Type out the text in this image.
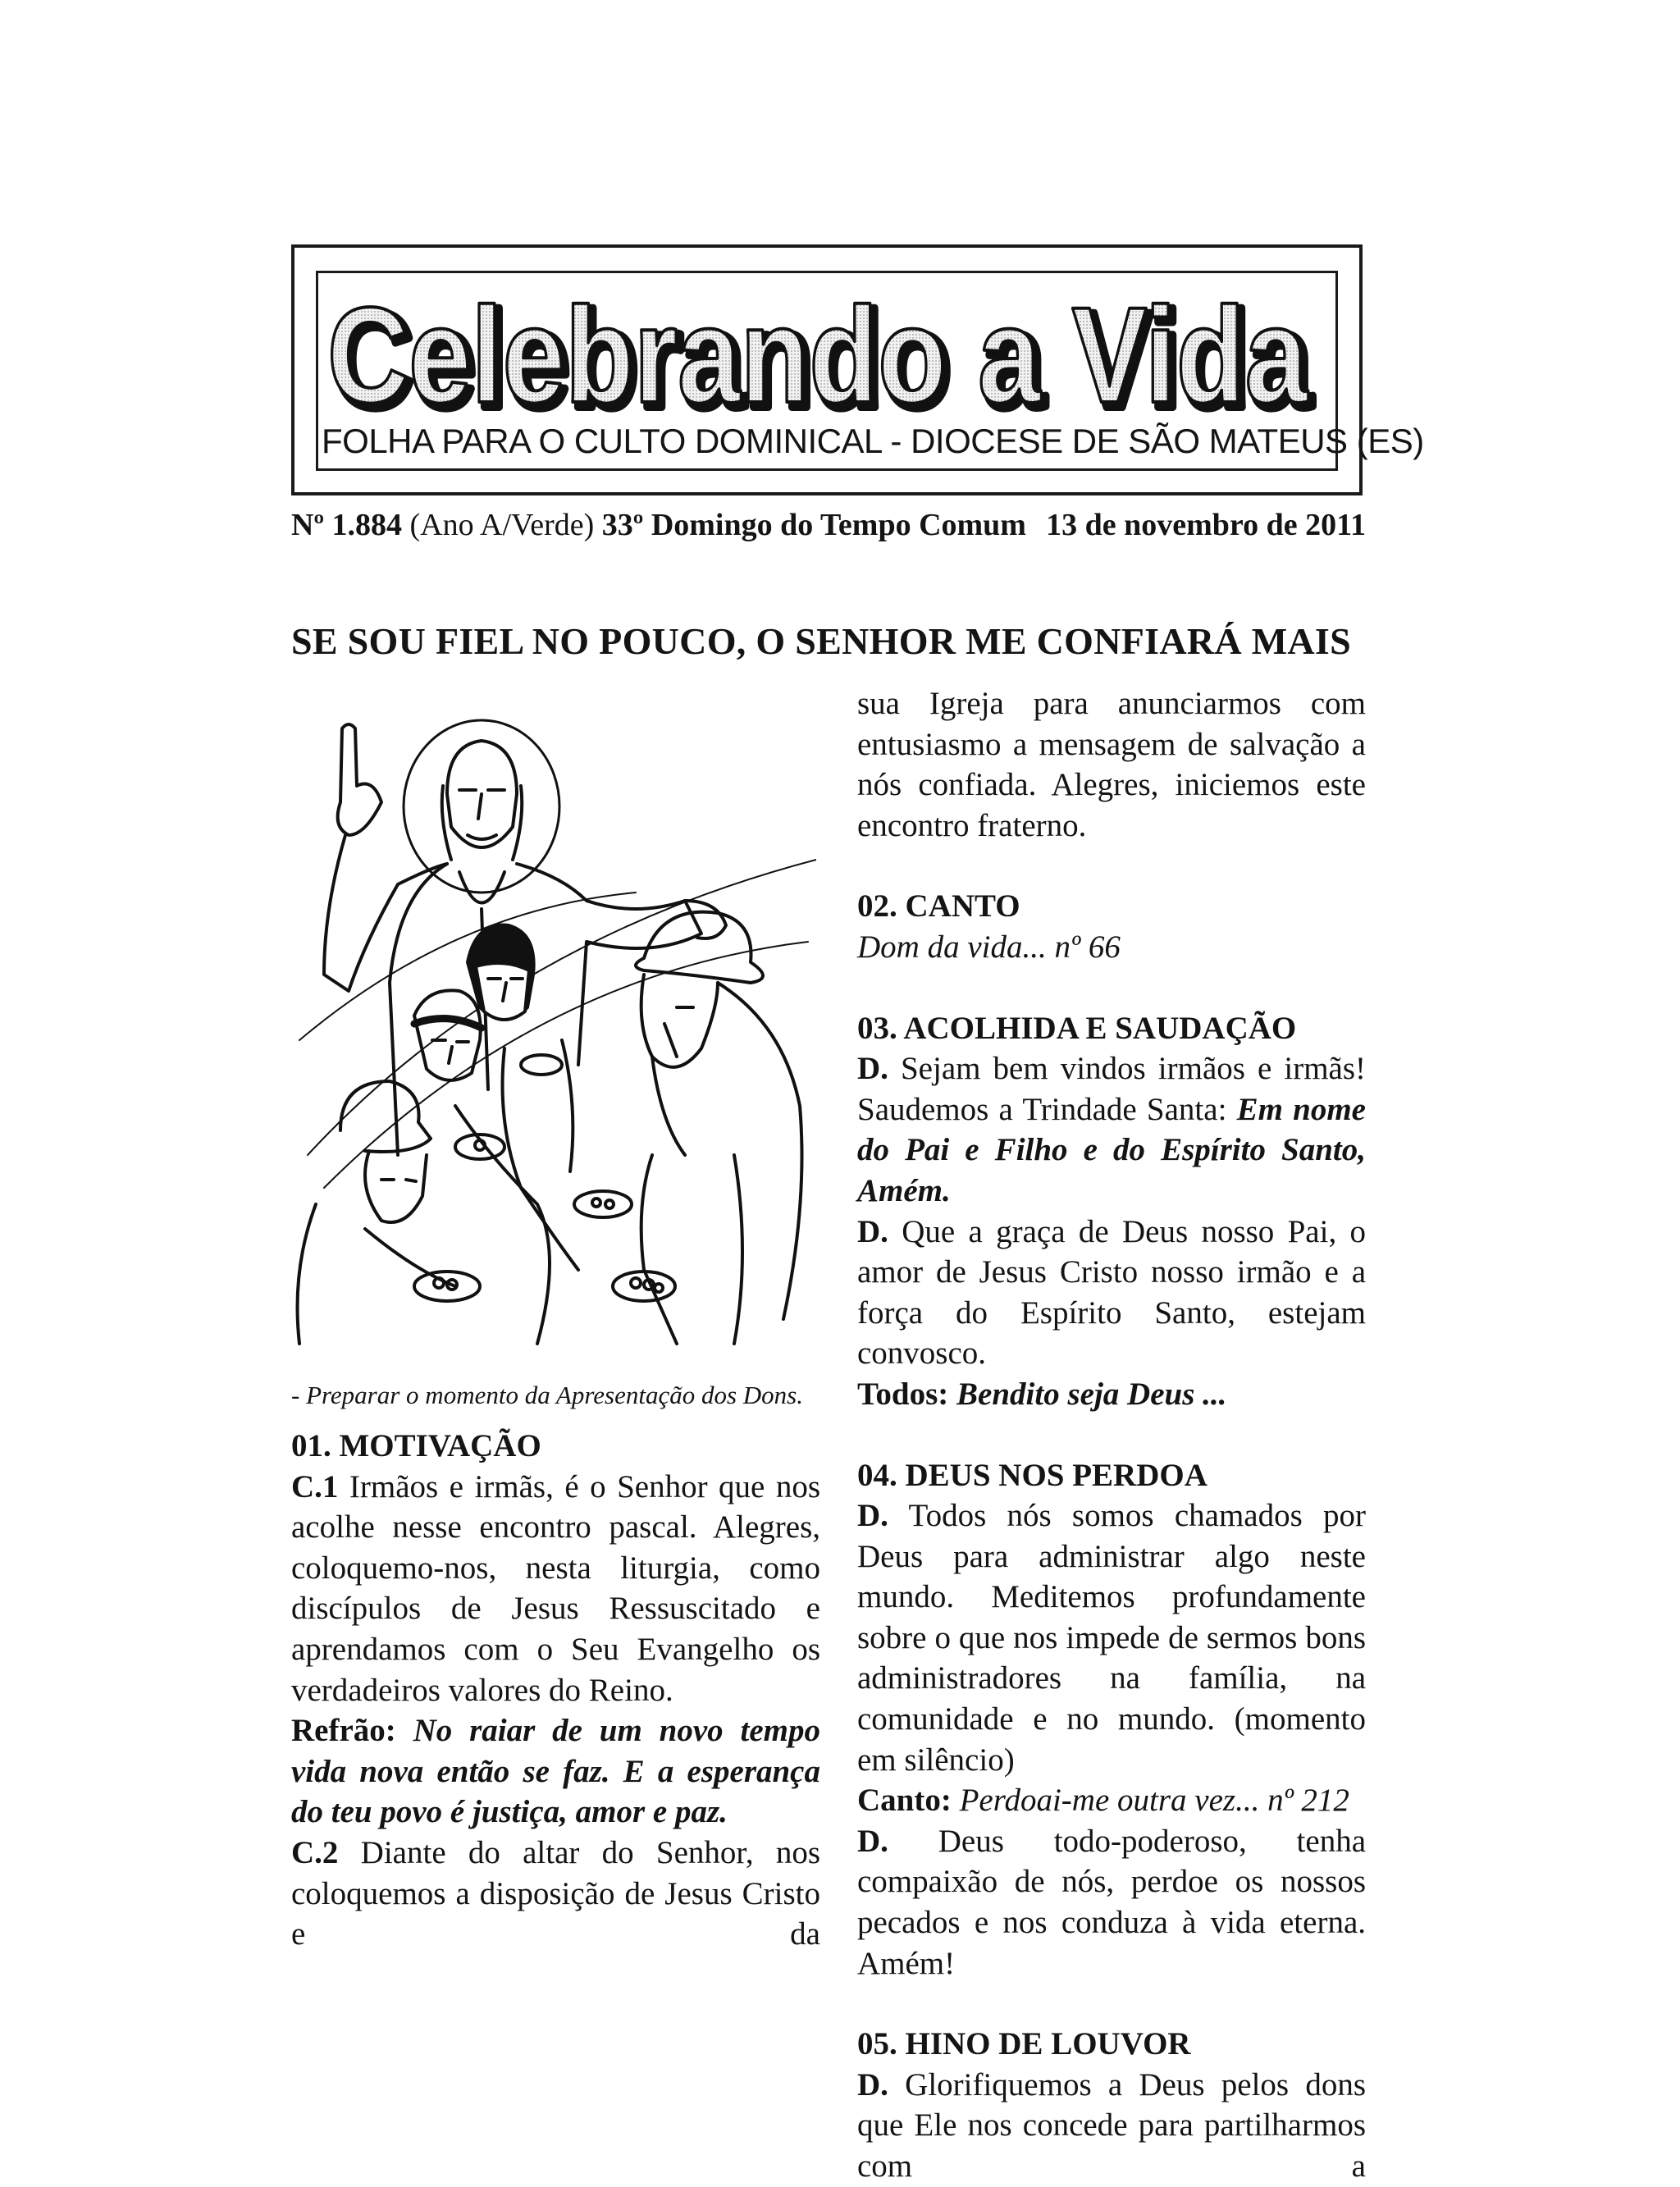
Celebrando a Vida
Celebrando a Vida
FOLHA PARA O CULTO DOMINICAL - DIOCESE DE SÃO MATEUS (ES)
Nº 1.884 (Ano A/Verde) 33º Domingo do Tempo Comum 13 de novembro de 2011
SE SOU FIEL NO POUCO, O SENHOR ME CONFIARÁ MAIS
- Preparar o momento da Apresentação dos Dons.

01. MOTIVAÇÃO

C.1 Irmãos e irmãs, é o Senhor que nos acolhe nesse encontro pascal. Alegres, coloquemo-nos, nesta liturgia, como discípulos de Jesus Ressuscitado e aprendamos com o Seu Evangelho os verdadeiros valores do Reino.

Refrão: No raiar de um novo tempo vida nova então se faz. E a esperança do teu povo é justiça, amor e paz.

C.2 Diante do altar do Senhor, nos coloquemos a disposição de Jesus Cristo e da

sua Igreja para anunciarmos com entusiasmo a mensagem de salvação a nós confiada. Alegres, iniciemos este encontro fraterno.

02. CANTO

Dom da vida... nº 66

03. ACOLHIDA E SAUDAÇÃO

D. Sejam bem vindos irmãos e irmãs! Saudemos a Trindade Santa: Em nome do Pai e Filho e do Espírito Santo, Amém.

D. Que a graça de Deus nosso Pai, o amor de Jesus Cristo nosso irmão e a força do Espírito Santo, estejam convosco.

Todos: Bendito seja Deus ...

04. DEUS NOS PERDOA

D. Todos nós somos chamados por Deus para administrar algo neste mundo. Meditemos profundamente sobre o que nos impede de sermos bons administradores na família, na comunidade e no mundo. (momento em silêncio)

Canto: Perdoai-me outra vez... nº 212

D. Deus todo-poderoso, tenha compaixão de nós, perdoe os nossos pecados e nos conduza à vida eterna. Amém!

05. HINO DE LOUVOR

D. Glorifiquemos a Deus pelos dons que Ele nos concede para partilharmos com a
